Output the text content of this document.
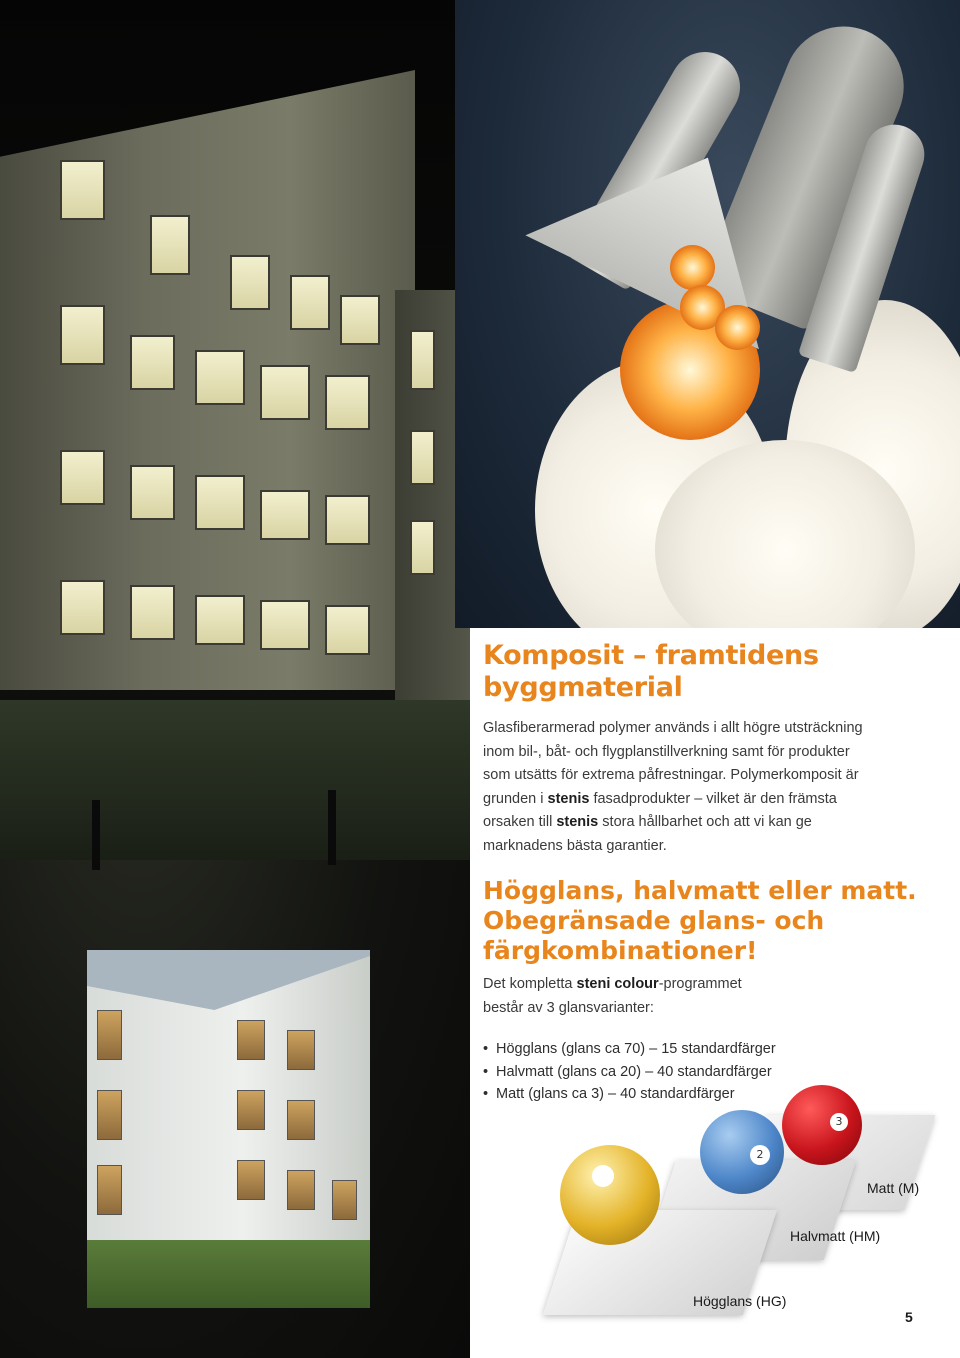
Komposit – framtidens
byggmaterial
Glasfiberarmerad polymer används i allt högre utsträckning
inom bil-, båt- och flygplanstillverkning samt för produkter
som utsätts för extrema påfrestningar. Polymerkomposit är
grunden i stenis fasadprodukter – vilket är den främsta
orsaken till stenis stora hållbarhet och att vi kan ge
marknadens bästa garantier.
Högglans, halvmatt eller matt.
Obegränsade glans- och
färgkombinationer!
Det kompletta steni colour-programmet
består av 3 glansvarianter:
• Högglans (glans ca 70) – 15 standardfärger
• Halvmatt (glans ca 20) – 40 standardfärger
• Matt (glans ca 3) – 40 standardfärger
3
2
Matt (M)
Halvmatt (HM)
Högglans (HG)
5
